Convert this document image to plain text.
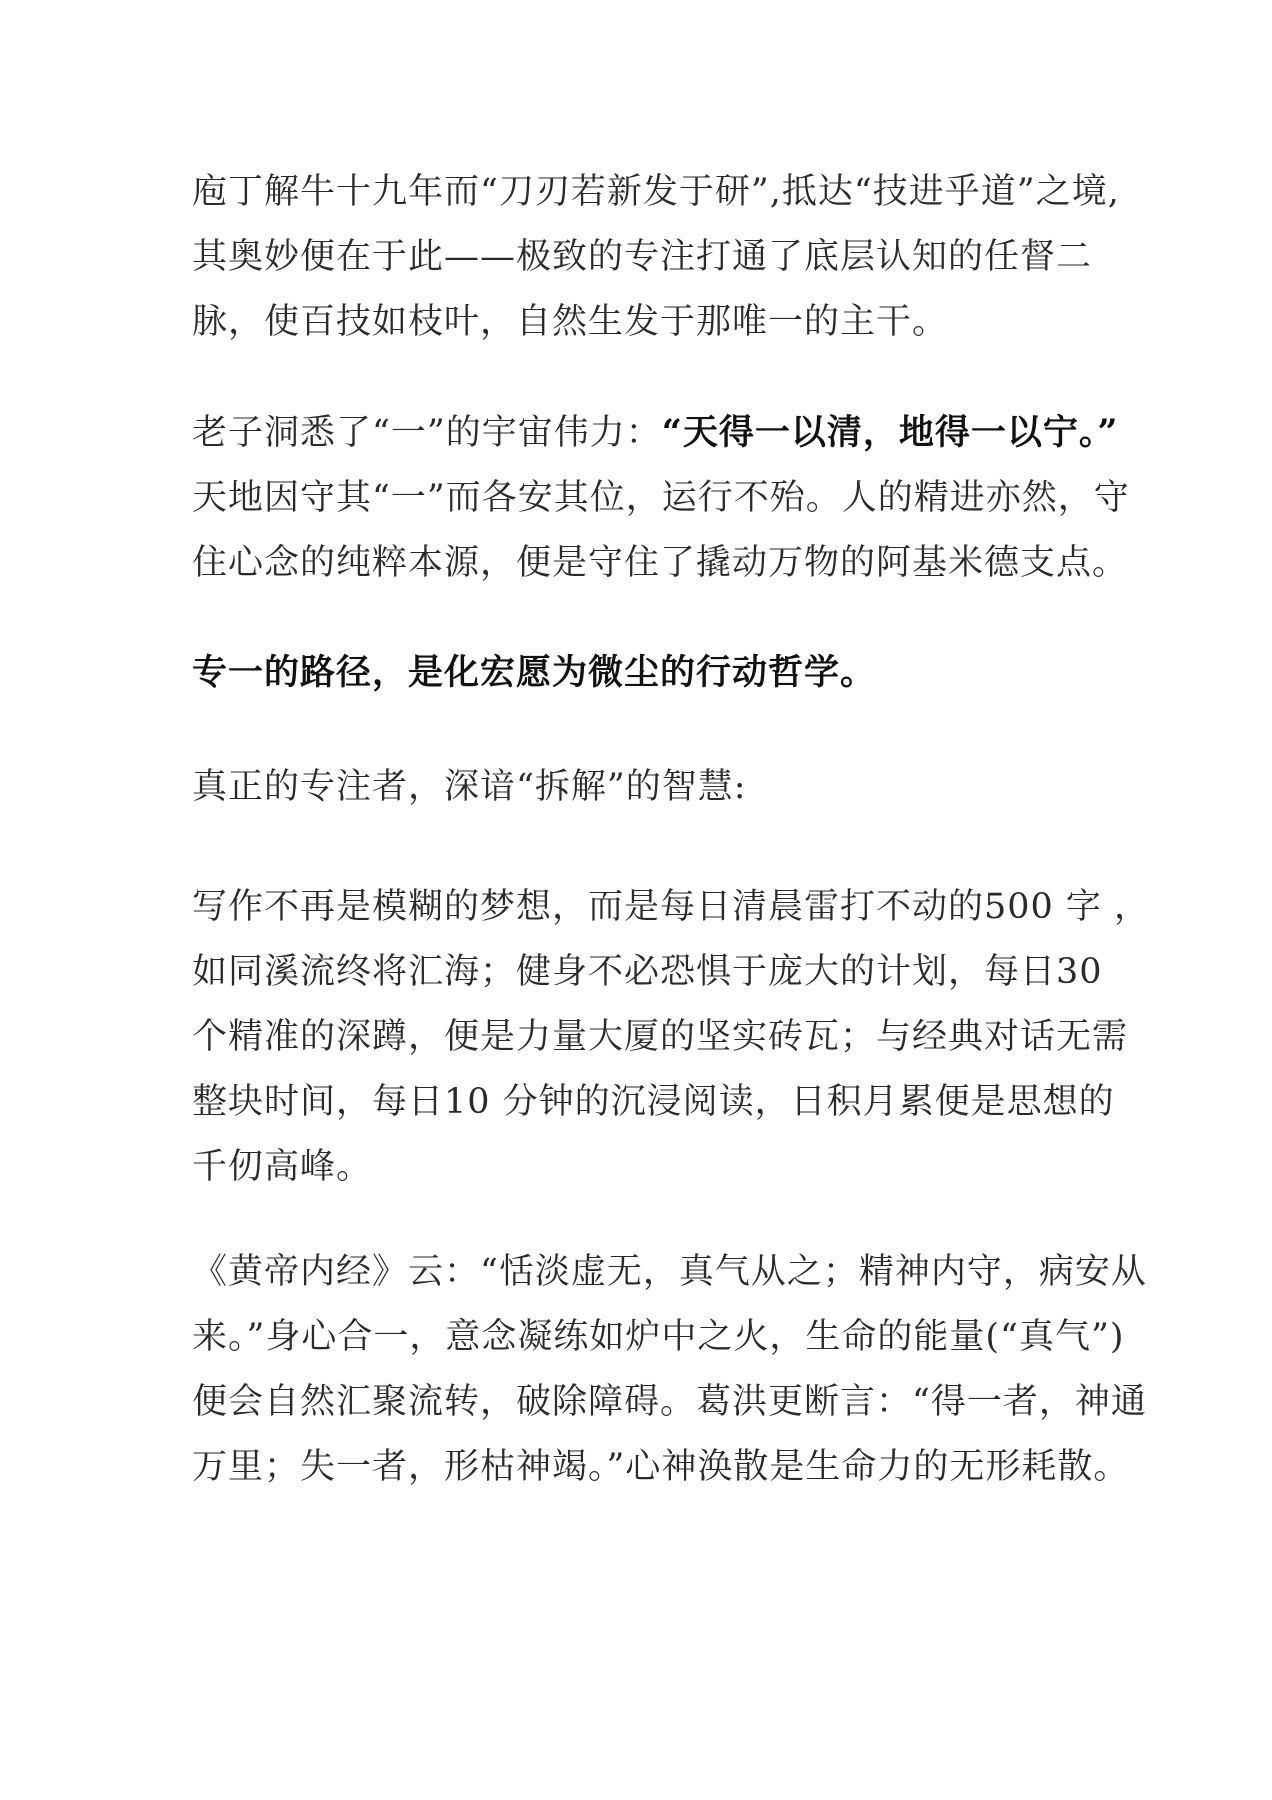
庖丁解牛十九年而“刀刃若新发于研”,抵达“技进乎道”之境,
其奥妙便在于此——极致的专注打通了底层认知的任督二
脉，使百技如枝叶，自然生发于那唯一的主干。
老子洞悉了“一”的宇宙伟力：“天得一以清，地得一以宁。”
天地因守其“一”而各安其位，运行不殆。人的精进亦然，守
住心念的纯粹本源，便是守住了撬动万物的阿基米德支点。
专一的路径，是化宏愿为微尘的行动哲学。
真正的专注者，深谙“拆解”的智慧:
写作不再是模糊的梦想，而是每日清晨雷打不动的500 字 ，
如同溪流终将汇海；健身不必恐惧于庞大的计划，每日30
个精准的深蹲，便是力量大厦的坚实砖瓦；与经典对话无需
整块时间，每日10 分钟的沉浸阅读，日积月累便是思想的
千仞高峰。
《黄帝内经》云：“恬淡虚无，真气从之；精神内守，病安从
来。”身心合一，意念凝练如炉中之火，生命的能量(“真气”)
便会自然汇聚流转，破除障碍。葛洪更断言：“得一者，神通
万里；失一者，形枯神竭。”心神涣散是生命力的无形耗散。
